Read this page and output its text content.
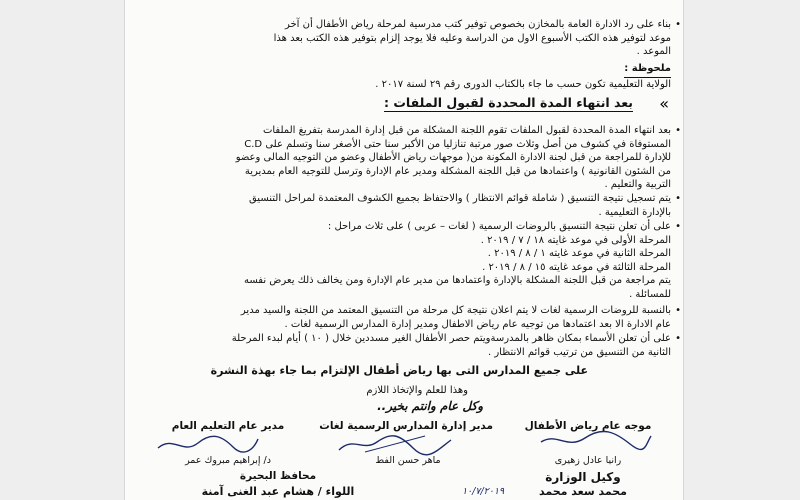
• بناء على رد الادارة العامة بالمخازن بخصوص توفير كتب مدرسية لمرحلة رياض الأطفال أن آخر
موعد لتوفير هذه الكتب الأسبوع الاول من الدراسة وعليه فلا يوجد إلزام بتوفير هذه الكتب بعد هذا
الموعد .
ملحوظة :
الولاية التعليمية تكون حسب ما جاء بالكتاب الدورى رقم ٢٩ لسنة ٢٠١٧ .
بعد انتهاء المدة المحددة لقبول الملفات : «
• بعد انتهاء المدة المحددة لقبول الملفات تقوم اللجنة المشكلة من قبل إدارة المدرسة بتفريغ الملفات
المستوفاة في كشوف من أصل وثلاث صور مرتبة تنازليا من الأكبر سنا حتى الأصغر سنا وتسلم على C.D
للإدارة للمراجعة من قبل لجنة الادارة المكونة من( موجهات رياض الأطفال وعضو من التوجيه المالى وعضو
من الشئون القانونية ) واعتمادها من قبل اللجنة المشكلة ومدير عام الإدارة وترسل للتوجيه العام بمديرية
التربية والتعليم .
• يتم تسجيل نتيجة التنسيق ( شاملة قوائم الانتظار ) والاحتفاظ بجميع الكشوف المعتمدة لمراحل التنسيق
بالإدارة التعليمية .
• على أن تعلن نتيجة التنسيق بالروضات الرسمية ( لغات – عربى ) على ثلاث مراحل :
المرحلة الأولى في موعد غايته ١٨ / ٧ / ٢٠١٩ .
المرحلة الثانية في موعد غايته ١ / ٨ / ٢٠١٩ .
المرحلة الثالثة في موعد غايته ١٥ / ٨ / ٢٠١٩ .
يتم مراجعة من قبل اللجنة المشكلة بالإدارة واعتمادها من مدير عام الإدارة ومن يخالف ذلك يعرض نفسه
للمسائلة .
• بالنسبة للروضات الرسمية لغات لا يتم اعلان نتيجة كل مرحلة من التنسيق المعتمد من اللجنة والسيد مدير
عام الادارة الا بعد اعتمادها من توجيه عام رياض الاطفال ومدير إدارة المدارس الرسمية لغات .
• على أن تعلن الأسماء بمكان ظاهر بالمدرسةويتم حصر الأطفال الغير مسددين خلال ( ١٠ ) أيام لبدء المرحلة
الثانية من التنسيق من ترتيب قوائم الانتظار .
على جميع المدارس التى بها رياض أطفال الإلتزام بما جاء بهذة النشرة
وهذا للعلم والإتخاذ اللازم
وكل عام وانتم بخير..
موجه عام رياض الأطفال
مدير إدارة المدارس الرسمية لغات
مدير عام التعليم العام
رانيا عادل زهيرى
ماهر حسن الفط
د/ إبراهيم مبروك عمر
وكيل الوزارة
محافظ البحيرة
محمد سعد محمد
اللواء / هشام عبد الغنى آمنة	١٠/٧/٢٠١٩
